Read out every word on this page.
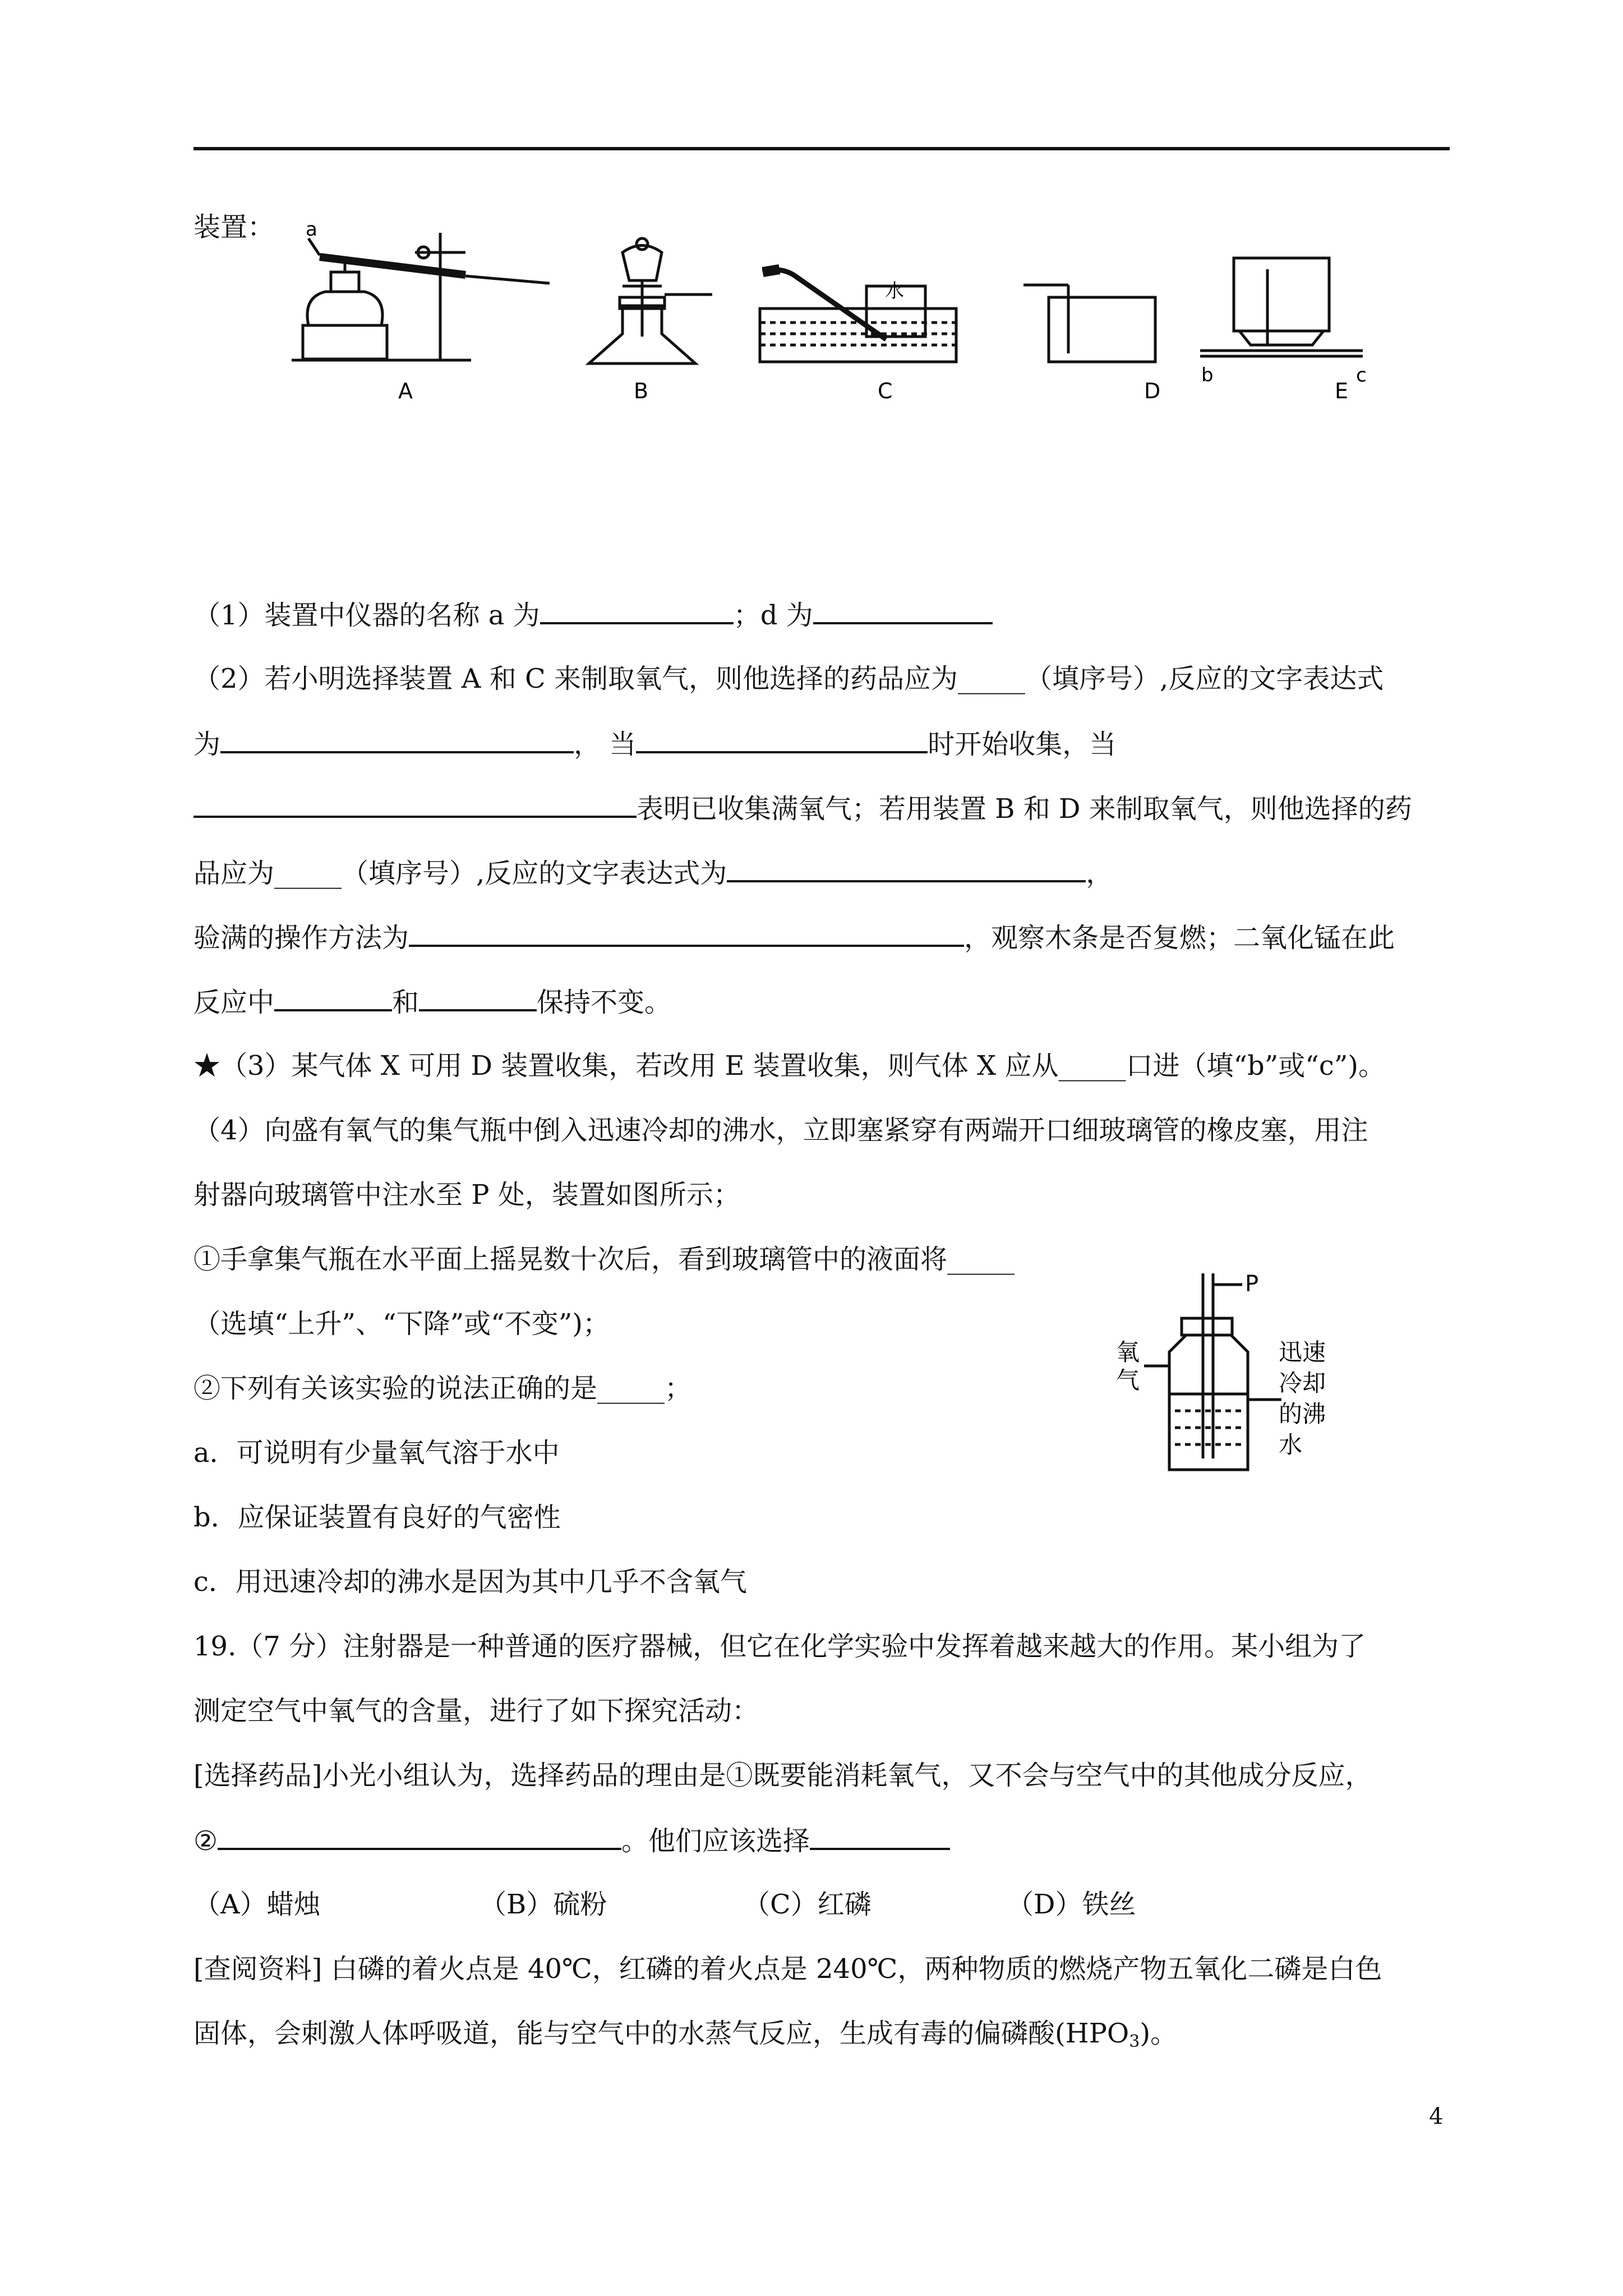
装置： a
水
b	c
A	B	C	D	E
（1）装置中仪器的名称 a 为	；d 为
（2）若小明选择装置 A 和 C 来制取氧气，则他选择的药品应为_____（填序号）,反应的文字表达式
为	， 当	时开始收集，当
表明已收集满氧气；若用装置 B 和 D 来制取氧气，则他选择的药
品应为_____（填序号）,反应的文字表达式为	，
验满的操作方法为	，观察木条是否复燃；二氧化锰在此
反应中	和	保持不变。
★（3）某气体 X 可用 D 装置收集，若改用 E 装置收集，则气体 X 应从_____口进（填“b”或“c”)。
（4）向盛有氧气的集气瓶中倒入迅速冷却的沸水，立即塞紧穿有两端开口细玻璃管的橡皮塞，用注
射器向玻璃管中注水至 P 处，装置如图所示；
①手拿集气瓶在水平面上摇晃数十次后，看到玻璃管中的液面将_____
（选填“上升”、“下降”或“不变”)；
②下列有关该实验的说法正确的是_____；
a．可说明有少量氧气溶于水中
b．应保证装置有良好的气密性
c．用迅速冷却的沸水是因为其中几乎不含氧气
P
氧
气
迅速
冷却
的沸
水
19.（7 分）注射器是一种普通的医疗器械，但它在化学实验中发挥着越来越大的作用。某小组为了
测定空气中氧气的含量，进行了如下探究活动：
[选择药品]小光小组认为，选择药品的理由是①既要能消耗氧气，又不会与空气中的其他成分反应，
②	。他们应该选择
（A）蜡烛	（B）硫粉	（C）红磷	（D）铁丝
[查阅资料] 白磷的着火点是 40℃，红磷的着火点是 240℃，两种物质的燃烧产物五氧化二磷是白色
固体，会刺激人体呼吸道，能与空气中的水蒸气反应，生成有毒的偏磷酸$(HPO_3)$。
4
